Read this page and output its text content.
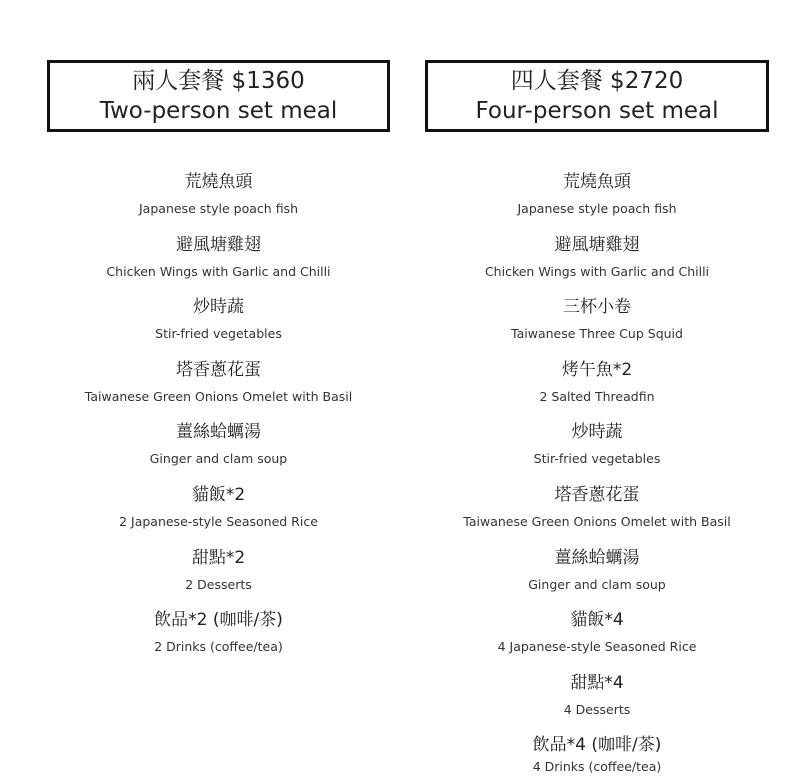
兩人套餐 $1360
Two-person set meal
荒燒魚頭
Japanese style poach fish
避風塘雞翅
Chicken Wings with Garlic and Chilli
炒時蔬
Stir-fried vegetables
塔香蔥花蛋
Taiwanese Green Onions Omelet with Basil
薑絲蛤蠣湯
Ginger and clam soup
貓飯*2
2 Japanese-style Seasoned Rice
甜點*2
2 Desserts
飲品*2 (咖啡/茶)
2 Drinks (coffee/tea)
四人套餐 $2720
Four-person set meal
荒燒魚頭
Japanese style poach fish
避風塘雞翅
Chicken Wings with Garlic and Chilli
三杯小卷
Taiwanese Three Cup Squid
烤午魚*2
2 Salted Threadfin
炒時蔬
Stir-fried vegetables
塔香蔥花蛋
Taiwanese Green Onions Omelet with Basil
薑絲蛤蠣湯
Ginger and clam soup
貓飯*4
4 Japanese-style Seasoned Rice
甜點*4
4 Desserts
飲品*4 (咖啡/茶)
4 Drinks (coffee/tea)
